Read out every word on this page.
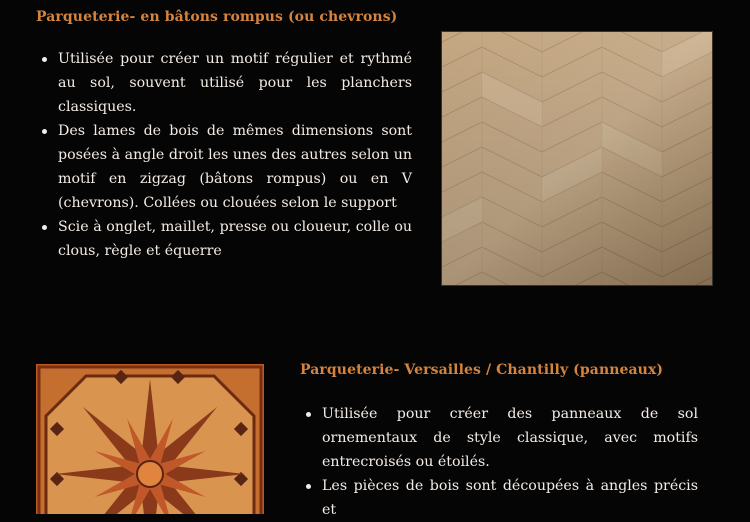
Parqueterie- en bâtons rompus (ou chevrons)
Utilisée pour créer un motif régulier et rythmé au sol, souvent utilisé pour les planchers classiques.
Des lames de bois de mêmes dimensions sont posées à angle droit les unes des autres selon un motif en zigzag (bâtons rompus) ou en V (chevrons). Collées ou clouées selon le support
Scie à onglet, maillet, presse ou cloueur, colle ou clous, règle et équerre
Parqueterie- Versailles / Chantilly (panneaux)
Utilisée pour créer des panneaux de sol ornementaux de style classique, avec motifs entrecroisés ou étoilés.
Les pièces de bois sont découpées à angles précis et
